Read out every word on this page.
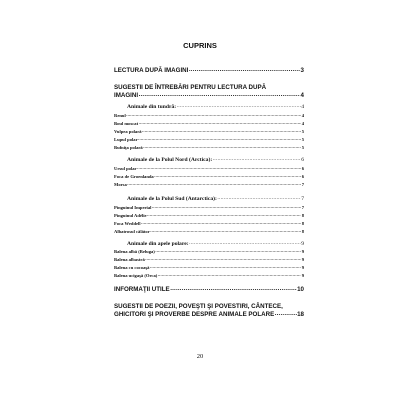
CUPRINS
LECTURA DUPĂ IMAGINI .....	3
SUGESTII DE ÎNTREBĂRI PENTRU LECTURA DUPĂ
IMAGINI .....	4
Animale din tundră: .....	4
Renul .....	4
Boul moscat .....	4
Vulpea polară .....	5
Lupul polar .....	5
Bufniţa polară .....	5
Animale de la Polul Nord (Arctica): .....	6
Ursul polar .....	6
Foca de Groenlanda .....	6
Morsa .....	7
Animale de la Polul Sud (Antarctica): .....	7
Pinguinul Imperial .....	7
Pinguinul Adélie .....	8
Foca Weddell .....	8
Albatrosul călător .....	8
Animale din apele polare: .....	9
Balena albă (Beluga) .....	9
Balena albastră .....	9
Balena cu cocoaşă .....	9
Balena ucigaşă (Orca) .....	9
INFORMAŢII UTILE .....	10
SUGESTII DE POEZII, POVEŞTI ŞI POVESTIRI, CÂNTECE,
GHICITORI ŞI PROVERBE DESPRE ANIMALE POLARE .....	18
20
